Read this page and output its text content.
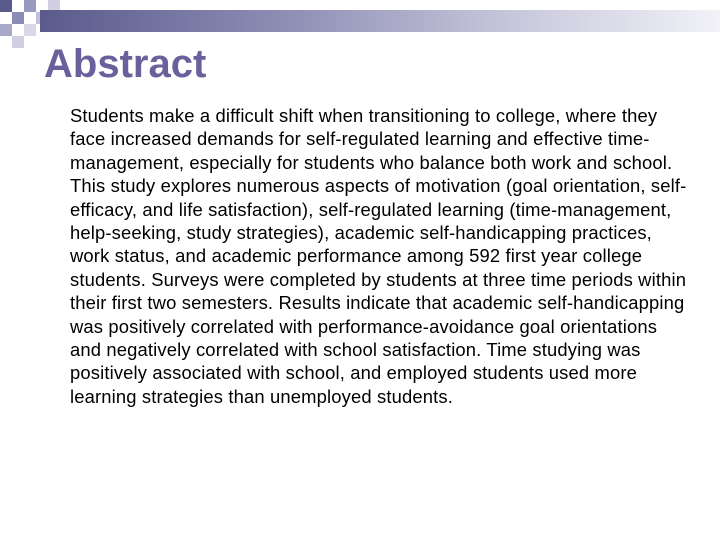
Abstract

Students make a difficult shift when transitioning to college, where they face increased demands for self-regulated learning and effective time-management, especially for students who balance both work and school. This study explores numerous aspects of motivation (goal orientation, self-efficacy, and life satisfaction), self-regulated learning (time-management, help-seeking, study strategies), academic self-handicapping practices, work status, and academic performance among 592 first year college students. Surveys were completed by students at three time periods within their first two semesters. Results indicate that academic self-handicapping was positively correlated with performance-avoidance goal orientations and negatively correlated with school satisfaction. Time studying was positively associated with school, and employed students used more learning strategies than unemployed students.
